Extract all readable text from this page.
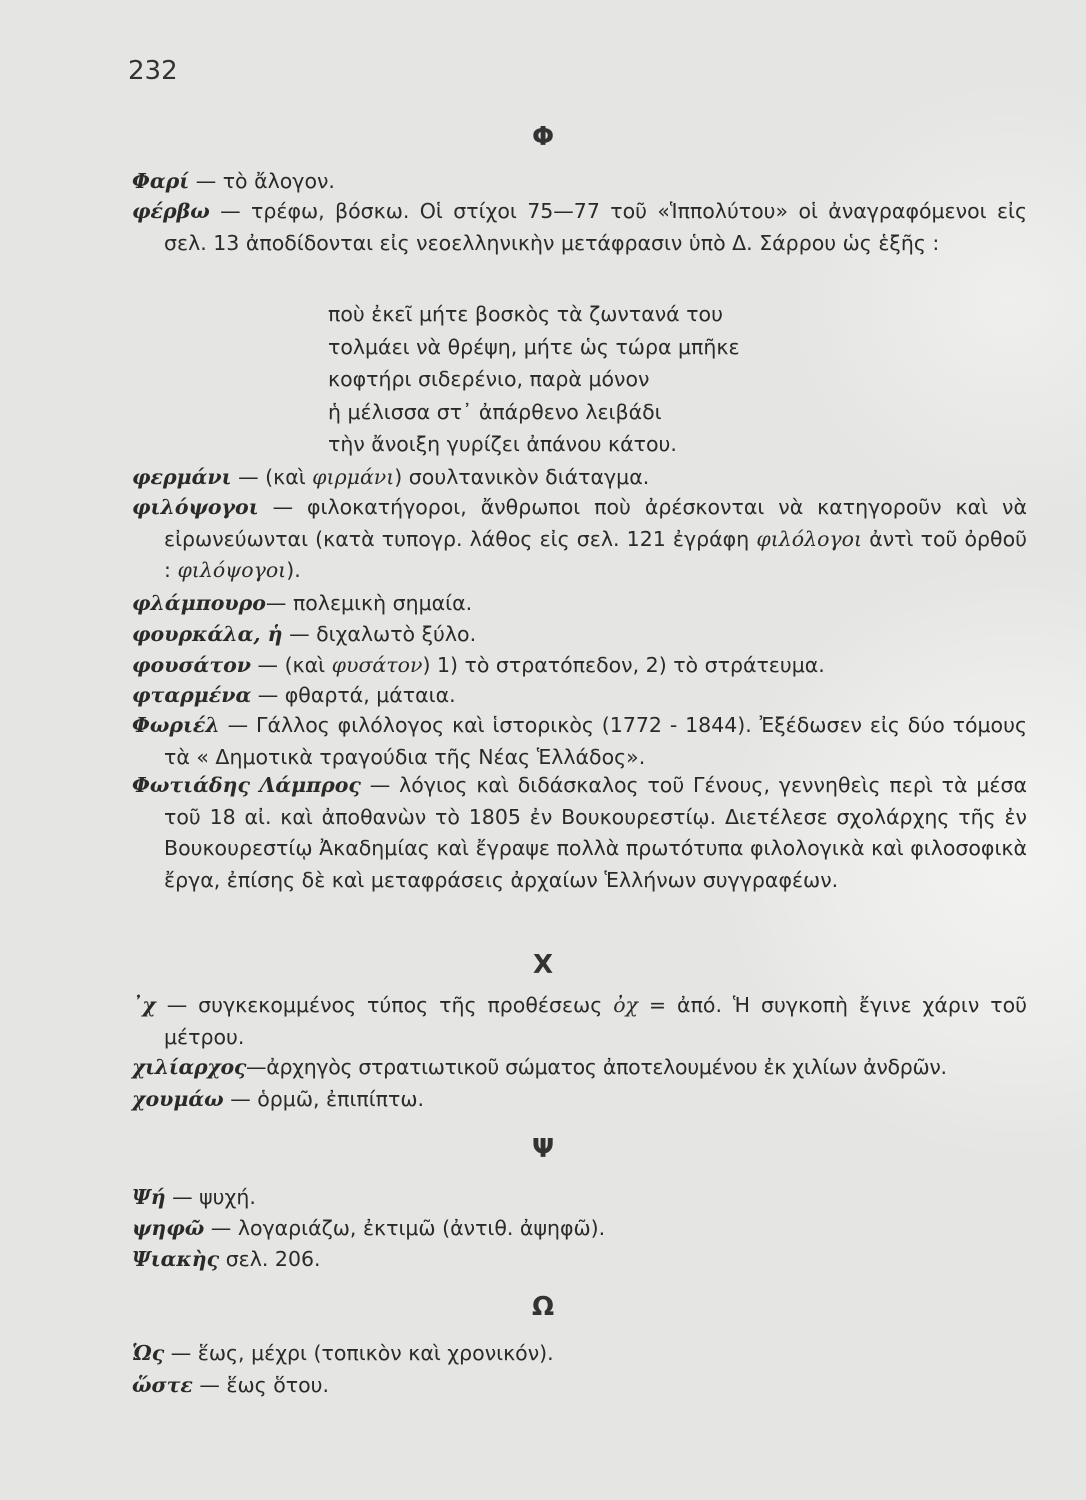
232
Φ
Φαρί — τὸ ἄλογον.
φέρβω — τρέφω, βόσκω. Οἱ στίχοι 75—77 τοῦ «Ἱππολύτου» οἱ ἀναγραφόμενοι εἰς σελ. 13 ἀποδίδονται εἰς νεοελληνικὴν μετάφρασιν ὑπὸ Δ. Σάρρου ὡς ἑξῆς :
ποὺ ἐκεῖ μήτε βοσκὸς τὰ ζωντανά του
τολμάει νὰ θρέψη, μήτε ὡς τώρα μπῆκε
κοφτήρι σιδερένιο, παρὰ μόνον
ἡ μέλισσα στ᾽ ἀπάρθενο λειβάδι
τὴν ἄνοιξη γυρίζει ἀπάνου κάτου.
φερμάνι — (καὶ φιρμάνι) σουλτανικὸν διάταγμα.
φιλόψογοι — φιλοκατήγοροι, ἄνθρωποι ποὺ ἀρέσκονται νὰ κατηγοροῦν καὶ νὰ εἰρωνεύωνται (κατὰ τυπογρ. λάθος εἰς σελ. 121 ἐγράφη φιλόλογοι ἀντὶ τοῦ ὀρθοῦ : φιλόψογοι).
φλάμπουρο— πολεμικὴ σημαία.
φουρκάλα, ἡ — διχαλωτὸ ξύλο.
φουσάτον — (καὶ φυσάτον) 1) τὸ στρατόπεδον, 2) τὸ στράτευμα.
φταρμένα — φθαρτά, μάταια.
Φωριέλ — Γάλλος φιλόλογος καὶ ἱστορικὸς (1772 - 1844). Ἐξέδωσεν εἰς δύο τόμους τὰ « Δημοτικὰ τραγούδια τῆς Νέας Ἑλλάδος».
Φωτιάδης Λάμπρος — λόγιος καὶ διδάσκαλος τοῦ Γένους, γεννηθεὶς περὶ τὰ μέσα τοῦ 18 αἰ. καὶ ἀποθανὼν τὸ 1805 ἐν Βουκουρεστίῳ. Διετέλεσε σχολάρχης τῆς ἐν Βουκουρεστίῳ Ἀκαδημίας καὶ ἔγραψε πολλὰ πρωτότυπα φιλολογικὰ καὶ φιλοσοφικὰ ἔργα, ἐπίσης δὲ καὶ μεταφράσεις ἀρχαίων Ἑλλήνων συγγραφέων.
Χ
᾽χ — συγκεκομμένος τύπος τῆς προθέσεως ὀχ = ἀπό. Ἡ συγκοπὴ ἔγινε χάριν τοῦ μέτρου.
χιλίαρχος—ἀρχηγὸς στρατιωτικοῦ σώματος ἀποτελουμένου ἐκ χιλίων ἀνδρῶν.
χουμάω — ὁρμῶ, ἐπιπίπτω.
Ψ
Ψή — ψυχή.
ψηφῶ — λογαριάζω, ἐκτιμῶ (ἀντιθ. ἀψηφῶ).
Ψιακὴς σελ. 206.
Ω
Ὡς — ἕως, μέχρι (τοπικὸν καὶ χρονικόν).
ὥστε — ἕως ὅτου.
